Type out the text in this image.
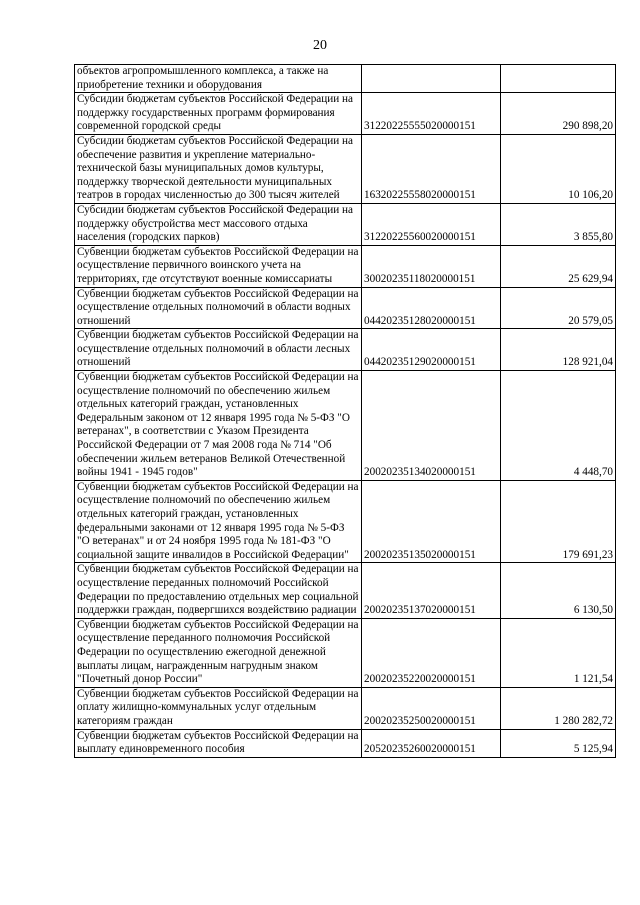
20
объектов агропромышленного комплекса, а также на приобретение техники и оборудования		
Субсидии бюджетам субъектов Российской Федерации на поддержку государственных программ формирования современной городской среды	31220225555020000151	290 898,20
Субсидии бюджетам субъектов Российской Федерации на обеспечение развития и укрепление материально-технической базы муниципальных домов культуры, поддержку творческой деятельности муниципальных театров в городах численностью до 300 тысяч жителей	16320225558020000151	10 106,20
Субсидии бюджетам субъектов Российской Федерации на поддержку обустройства мест массового отдыха населения (городских парков)	31220225560020000151	3 855,80
Субвенции бюджетам субъектов Российской Федерации на осуществление первичного воинского учета на территориях, где отсутствуют военные комиссариаты	30020235118020000151	25 629,94
Субвенции бюджетам субъектов Российской Федерации на осуществление отдельных полномочий в области водных отношений	04420235128020000151	20 579,05
Субвенции бюджетам субъектов Российской Федерации на осуществление отдельных полномочий в области лесных отношений	04420235129020000151	128 921,04
Субвенции бюджетам субъектов Российской Федерации на осуществление полномочий по обеспечению жильем отдельных категорий граждан, установленных Федеральным законом от 12 января 1995 года № 5-ФЗ "О ветеранах", в соответствии с Указом Президента Российской Федерации от 7 мая 2008 года № 714 "Об обеспечении жильем ветеранов Великой Отечественной войны 1941 - 1945 годов"	20020235134020000151	4 448,70
Субвенции бюджетам субъектов Российской Федерации на осуществление полномочий по обеспечению жильем отдельных категорий граждан, установленных федеральными законами от 12 января 1995 года № 5-ФЗ "О ветеранах" и от 24 ноября 1995 года № 181-ФЗ "О социальной защите инвалидов в Российской Федерации"	20020235135020000151	179 691,23
Субвенции бюджетам субъектов Российской Федерации на осуществление переданных полномочий Российской Федерации по предоставлению отдельных мер социальной поддержки граждан, подвергшихся воздействию радиации	20020235137020000151	6 130,50
Субвенции бюджетам субъектов Российской Федерации на осуществление переданного полномочия Российской Федерации по осуществлению ежегодной денежной выплаты лицам, награжденным нагрудным знаком "Почетный донор России"	20020235220020000151	1 121,54
Субвенции бюджетам субъектов Российской Федерации на оплату жилищно-коммунальных услуг отдельным категориям граждан	20020235250020000151	1 280 282,72
Субвенции бюджетам субъектов Российской Федерации на выплату единовременного пособия	20520235260020000151	5 125,94
